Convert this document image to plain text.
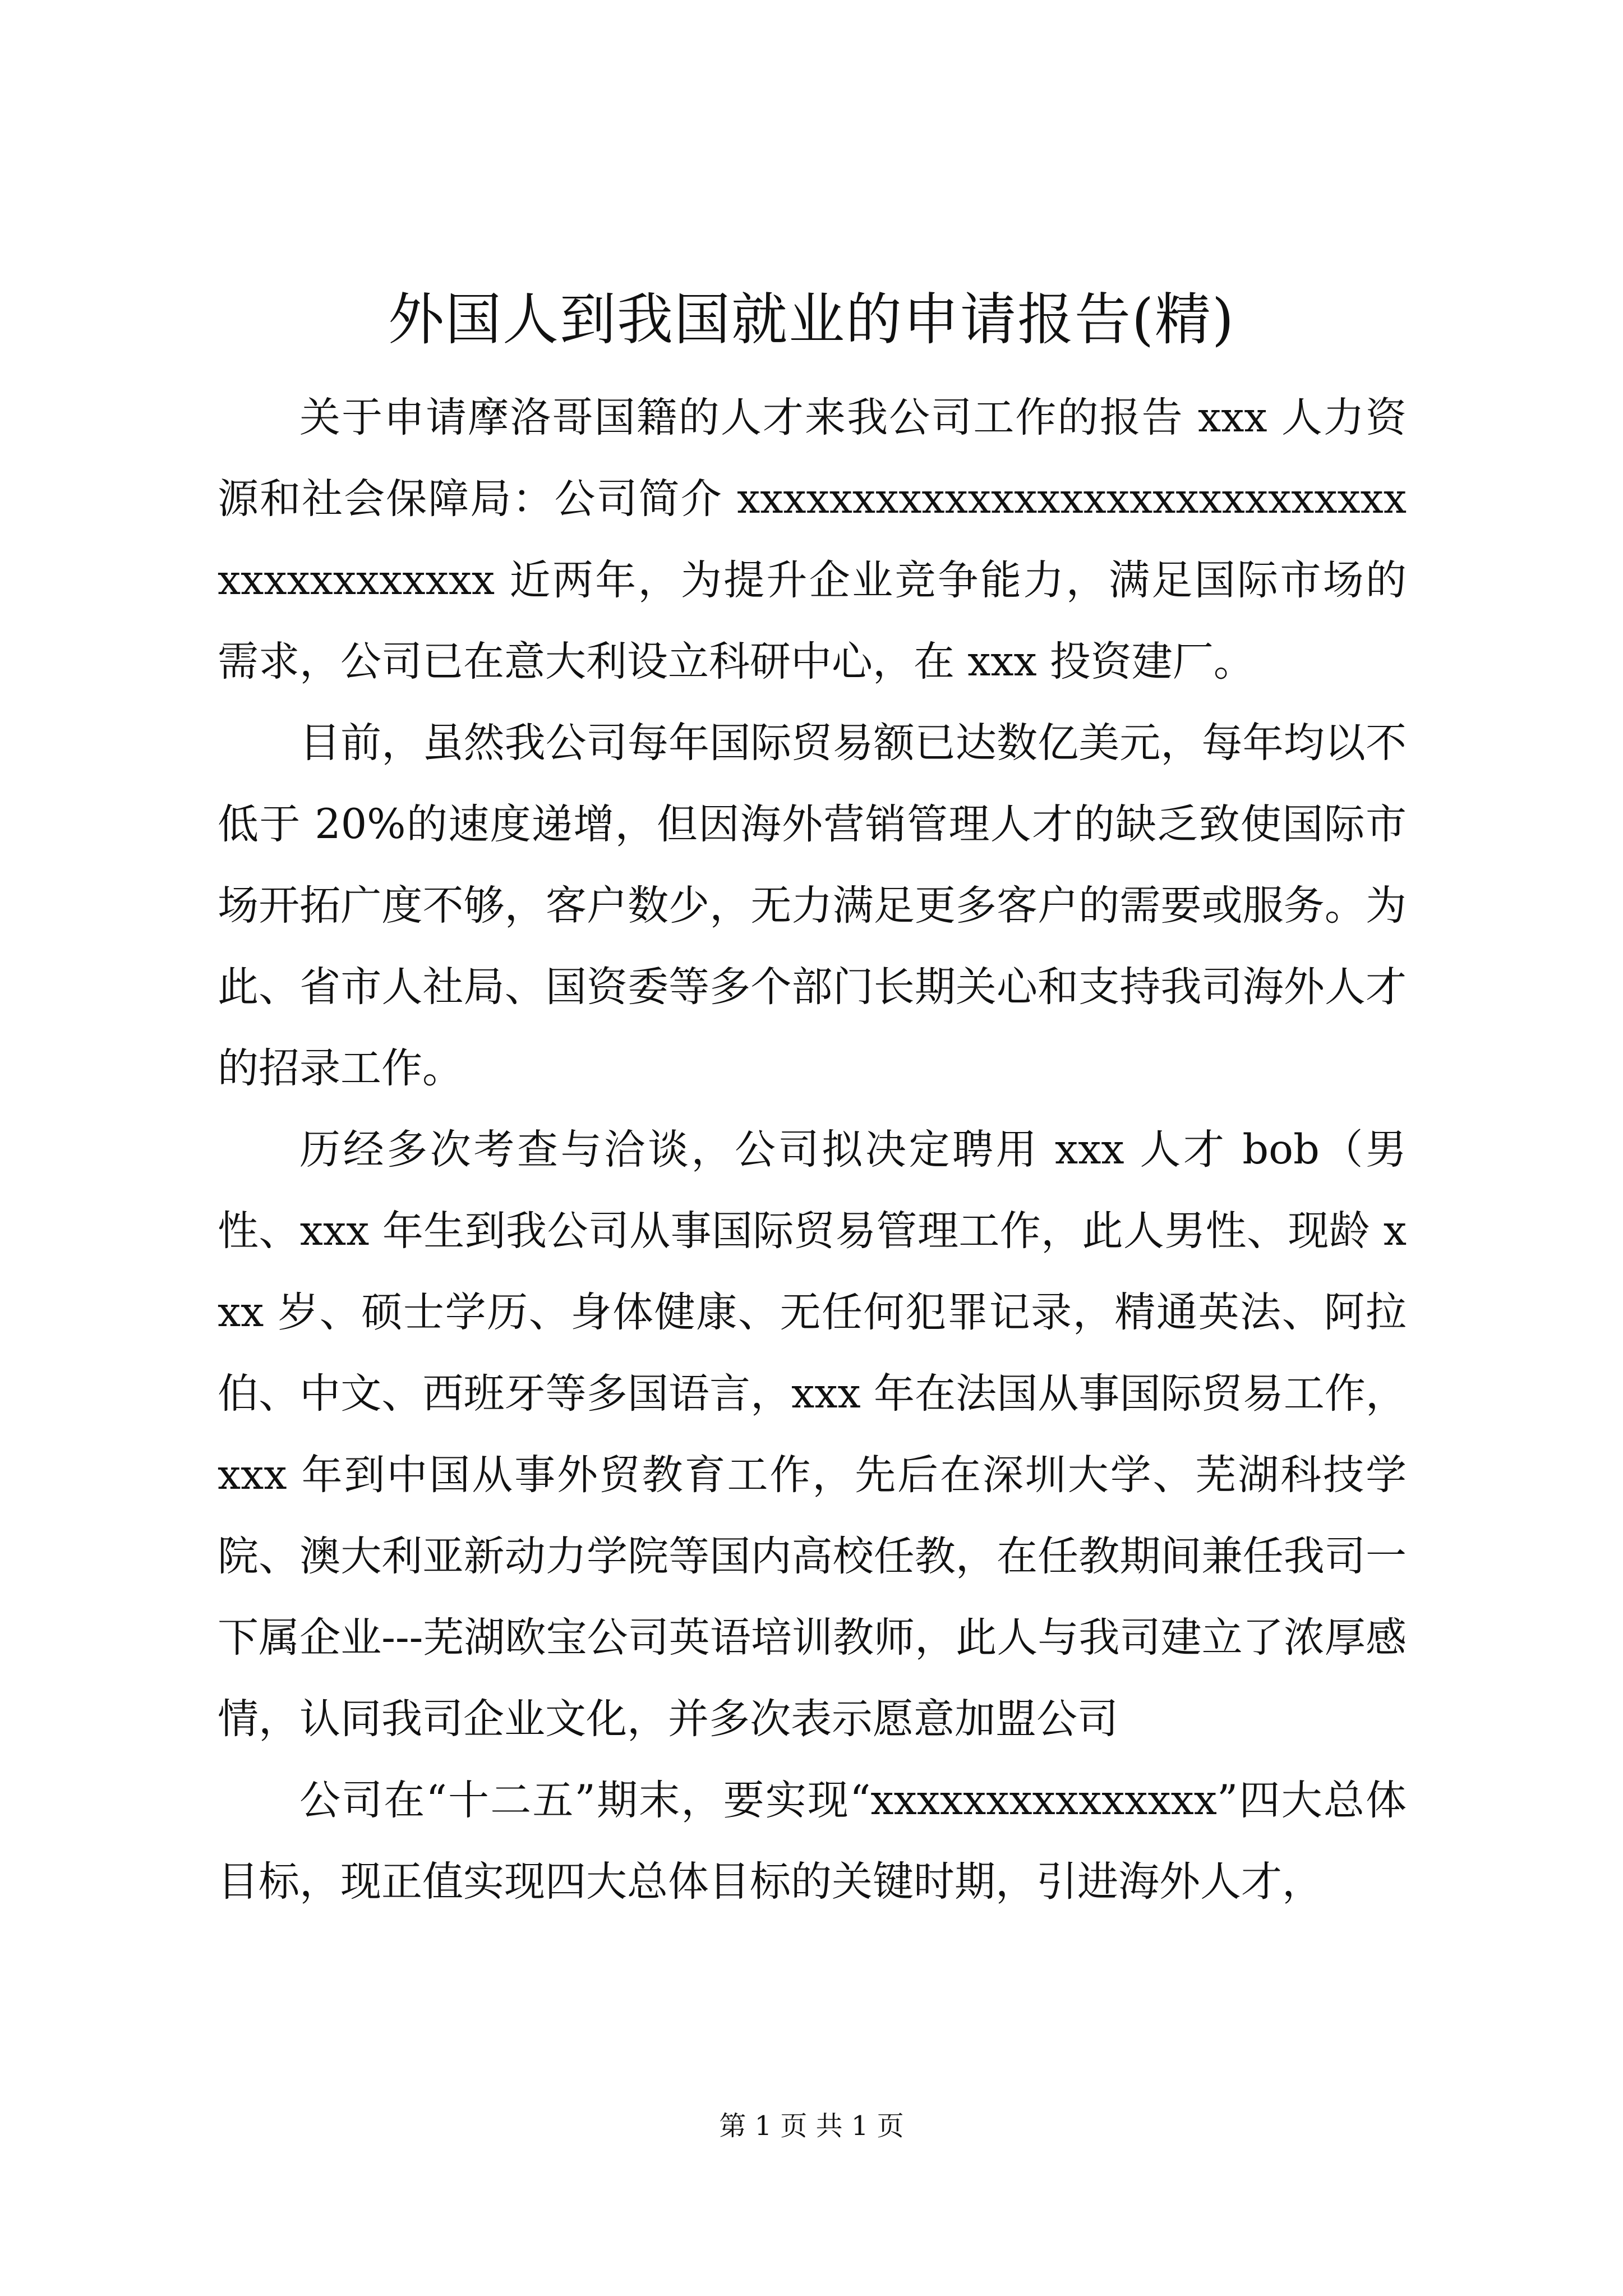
外国人到我国就业的申请报告(精)

关于申请摩洛哥国籍的人才来我公司工作的报告 xxx 人力资源和社会保障局：公司简介 xxxxxxxxxxxxxxxxxxxxxxxxxxxxxxxxxxxxxxxxx 近两年，为提升企业竞争能力，满足国际市场的需求，公司已在意大利设立科研中心，在 xxx 投资建厂。

目前，虽然我公司每年国际贸易额已达数亿美元，每年均以不低于 20%的速度递增，但因海外营销管理人才的缺乏致使国际市场开拓广度不够，客户数少，无力满足更多客户的需要或服务。为此、省市人社局、国资委等多个部门长期关心和支持我司海外人才的招录工作。

历经多次考查与洽谈，公司拟决定聘用 xxx 人才 bob（男性、xxx 年生到我公司从事国际贸易管理工作，此人男性、现龄 xxx 岁、硕士学历、身体健康、无任何犯罪记录，精通英法、阿拉伯、中文、西班牙等多国语言，xxx 年在法国从事国际贸易工作，xxx 年到中国从事外贸教育工作，先后在深圳大学、芜湖科技学院、澳大利亚新动力学院等国内高校任教，在任教期间兼任我司一下属企业---芜湖欧宝公司英语培训教师，此人与我司建立了浓厚感情，认同我司企业文化，并多次表示愿意加盟公司

公司在“十二五”期末，要实现“xxxxxxxxxxxxxxx”四大总体目标，现正值实现四大总体目标的关键时期，引进海外人才，

第 1 页 共 1 页
